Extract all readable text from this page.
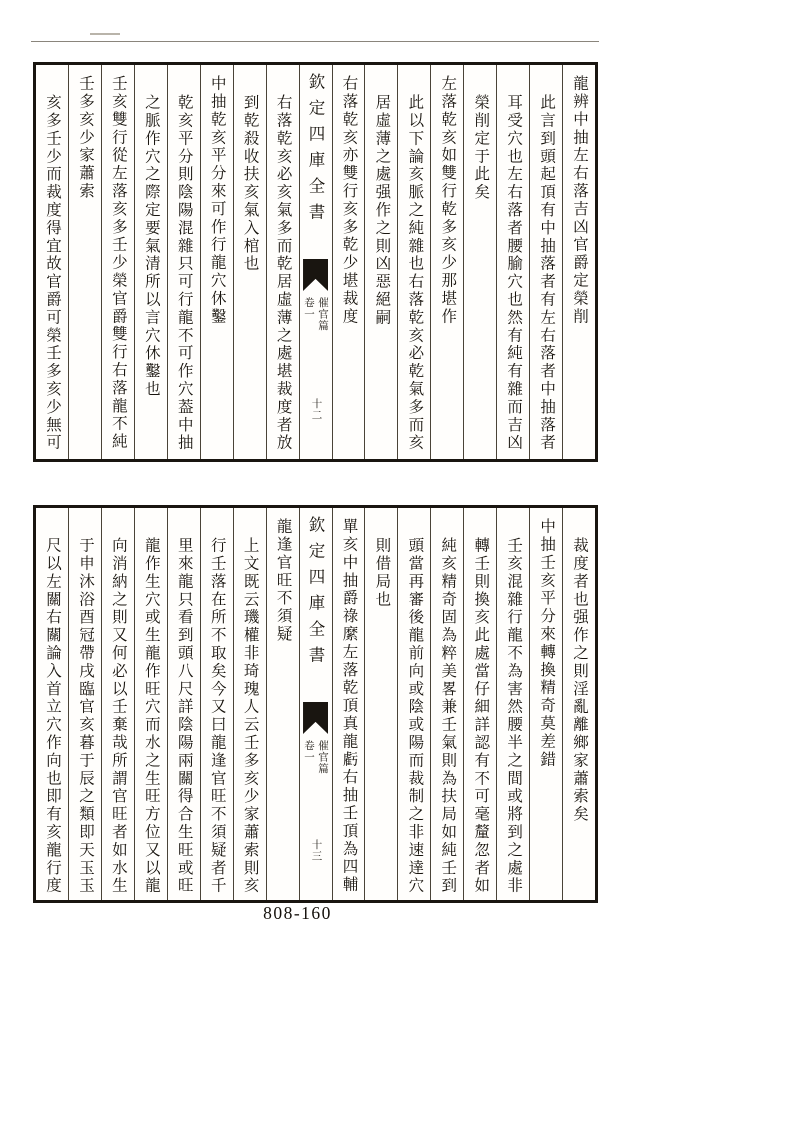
龍辨中抽左右落吉凶官爵定榮削
此言到頭起頂有中抽落者有左右落者中抽落者
耳受穴也左右落者腰腧穴也然有純有雜而吉凶
榮削定于此矣
左落乾亥如雙行乾多亥少那堪作
此以下論亥脈之純雜也右落乾亥必乾氣多而亥
居虛薄之處强作之則凶惡絕嗣
右落乾亥亦雙行亥多乾少堪裁度
欽定四庫全書
催官篇
卷一
十二
右落乾亥必亥氣多而乾居虛薄之處堪裁度者放
到乾殺收扶亥氣入棺也
中抽乾亥平分來可作行龍穴休鑿
乾亥平分則陰陽混雜只可行龍不可作穴葢中抽
之脈作穴之際定要氣清所以言穴休鑿也
壬亥雙行從左落亥多壬少榮官爵雙行右落龍不純
壬多亥少家蕭索
亥多壬少而裁度得宜故官爵可榮壬多亥少無可
裁度者也强作之則淫亂離鄉家蕭索矣
中抽壬亥平分來轉換精奇莫差錯
壬亥混雜行龍不為害然腰半之間或將到之處非
轉壬則換亥此處當仔細詳認有不可毫釐忽者如
純亥精奇固為粹美畧兼壬氣則為扶局如純壬到
頭當再審後龍前向或陰或陽而裁制之非速達穴
則借局也
單亥中抽爵祿縻左落乾頂真龍虧右抽壬頂為四輔
欽定四庫全書
催官篇
卷一
十三
龍逢官旺不須疑
上文既云璣權非琦瑰人云壬多亥少家蕭索則亥
行壬落在所不取矣今又曰龍逢官旺不須疑者千
里來龍只看到頭八尺詳陰陽兩關得合生旺或旺
龍作生穴或生龍作旺穴而水之生旺方位又以龍
向消納之則又何必以壬棄哉所謂官旺者如水生
于申沐浴酉冠帶戌臨官亥暮于辰之類即天玉玉
尺以左關右關論入首立穴作向也即有亥龍行度
808-160
